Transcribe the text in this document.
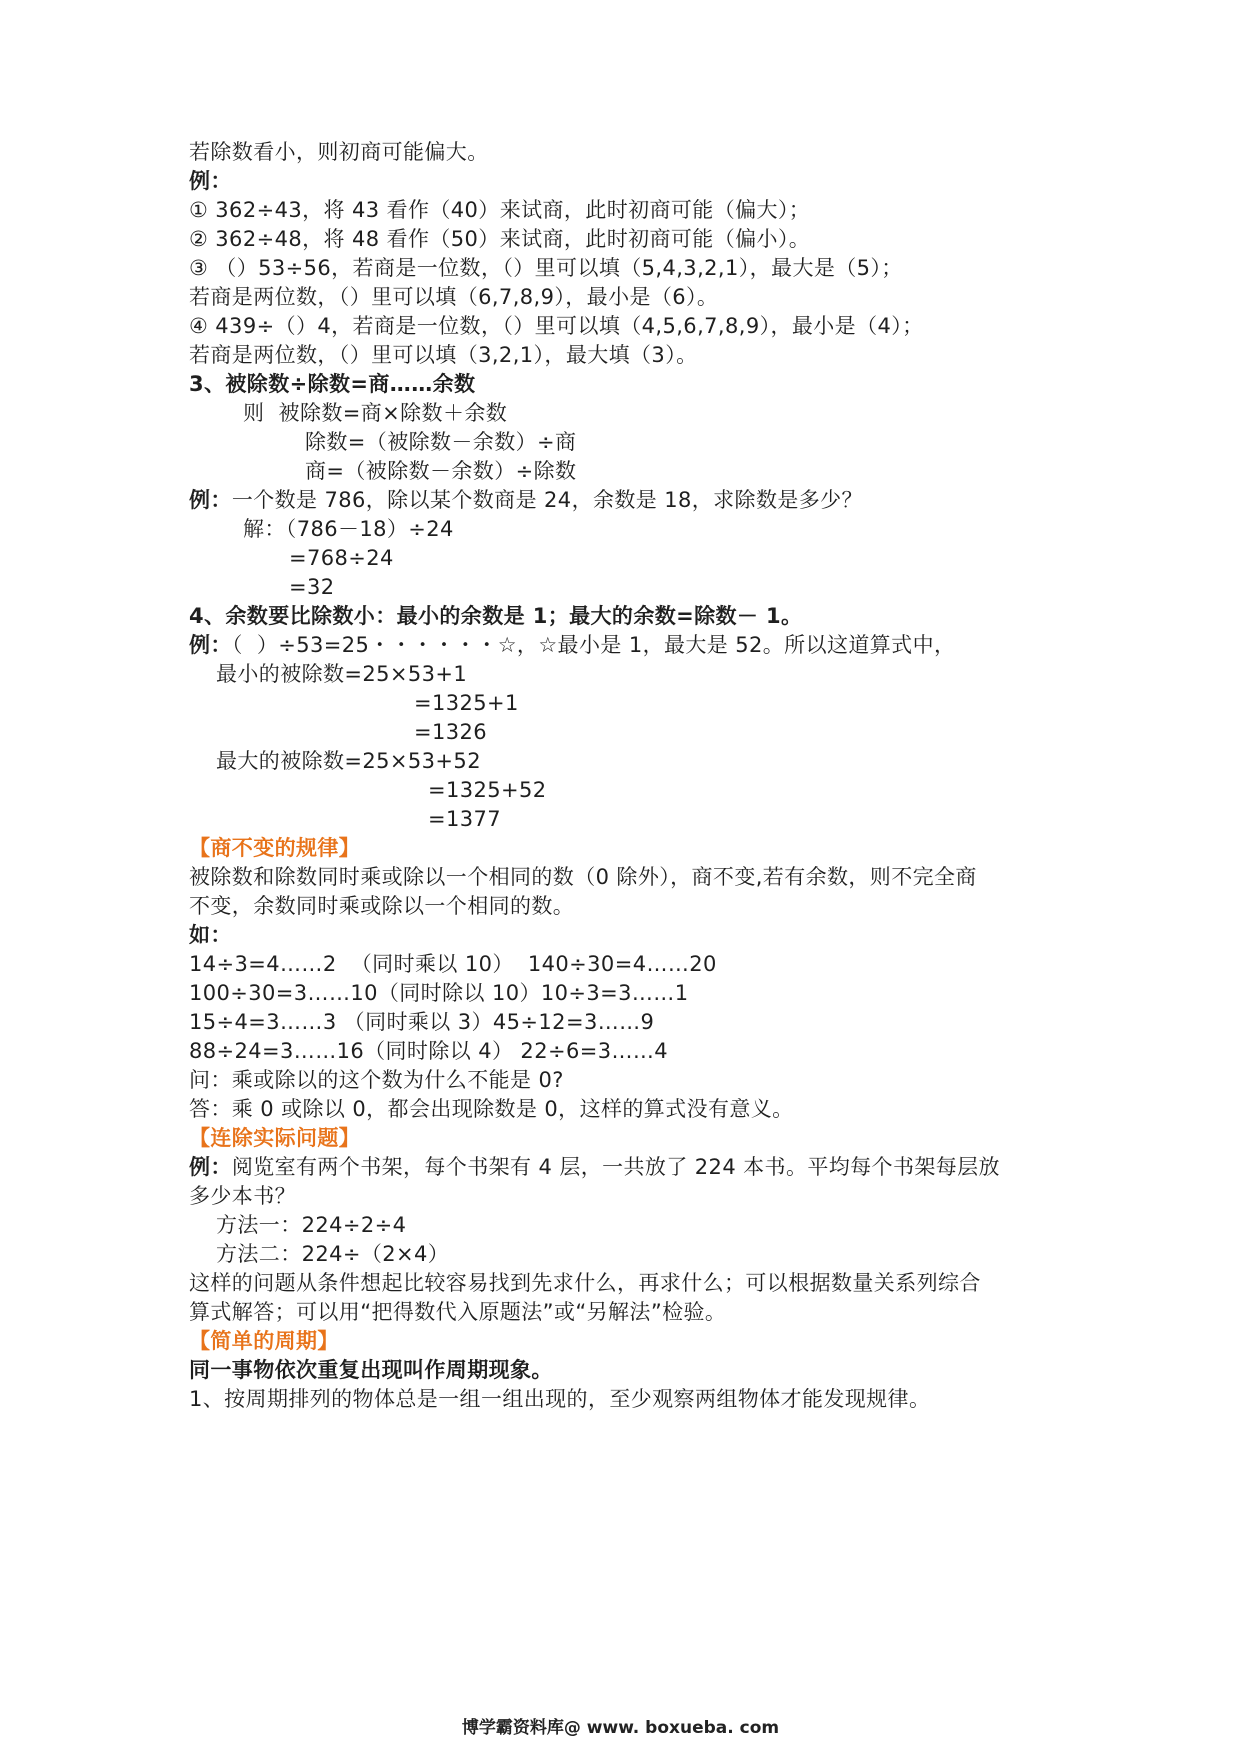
若除数看小，则初商可能偏大。
例：
① 362÷43，将 43 看作（40）来试商，此时初商可能（偏大）；
② 362÷48，将 48 看作（50）来试商，此时初商可能（偏小）。
③ （）53÷56，若商是一位数，（）里可以填（5,4,3,2,1），最大是（5）；
若商是两位数，（）里可以填（6,7,8,9），最小是（6）。
④ 439÷（）4，若商是一位数，（）里可以填（4,5,6,7,8,9），最小是（4）；
若商是两位数，（）里可以填（3,2,1），最大填（3）。
3、被除数÷除数=商……余数
则  被除数=商×除数＋余数
除数=（被除数－余数）÷商
商=（被除数－余数）÷除数
例：一个数是 786，除以某个数商是 24，余数是 18，求除数是多少？
解：（786－18）÷24
=768÷24
=32
4、余数要比除数小：最小的余数是 1；最大的余数=除数－ 1。
例：（  ）÷53=25・・・・・・☆，☆最小是 1，最大是 52。所以这道算式中，
最小的被除数=25×53+1
=1325+1
=1326
最大的被除数=25×53+52
=1325+52
=1377
【商不变的规律】
被除数和除数同时乘或除以一个相同的数（0 除外），商不变,若有余数，则不完全商
不变，余数同时乘或除以一个相同的数。
如：
14÷3=4……2  （同时乘以 10）  140÷30=4……20
100÷30=3……10（同时除以 10）10÷3=3……1
15÷4=3……3 （同时乘以 3）45÷12=3……9
88÷24=3……16（同时除以 4） 22÷6=3……4
问：乘或除以的这个数为什么不能是 0?
答：乘 0 或除以 0，都会出现除数是 0，这样的算式没有意义。
【连除实际问题】
例：阅览室有两个书架，每个书架有 4 层，一共放了 224 本书。平均每个书架每层放
多少本书？
方法一：224÷2÷4
方法二：224÷（2×4）
这样的问题从条件想起比较容易找到先求什么，再求什么；可以根据数量关系列综合
算式解答；可以用“把得数代入原题法”或“另解法”检验。
【简单的周期】
同一事物依次重复出现叫作周期现象。
1、按周期排列的物体总是一组一组出现的，至少观察两组物体才能发现规律。
博学霸资料库@ www. boxueba. com
